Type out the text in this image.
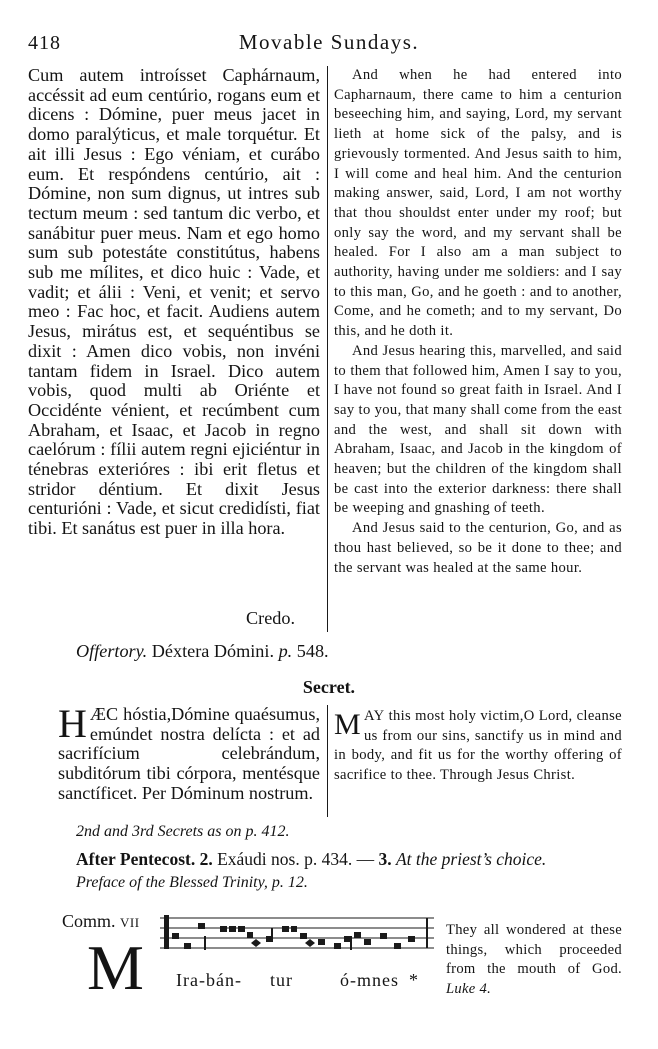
418	Movable Sundays.

Cum autem introísset Caphárnaum, accéssit ad eum centúrio, rogans eum et dicens : Dómine, puer meus jacet in domo paralýticus, et male torquétur. Et ait illi Jesus : Ego véniam, et curábo eum. Et respóndens centúrio, ait : Dómine, non sum dignus, ut intres sub tectum meum : sed tantum dic verbo, et sanábitur puer meus. Nam et ego homo sum sub potestáte constitútus, habens sub me mílites, et dico huic : Vade, et vadit; et álii : Veni, et venit; et servo meo : Fac hoc, et facit. Audiens autem Jesus, mirátus est, et sequéntibus se dixit : Amen dico vobis, non invéni tantam fidem in Israel. Dico autem vobis, quod multi ab Oriénte et Occidénte vénient, et recúmbent cum Abraham, et Isaac, et Jacob in regno caelórum : fílii autem regni ejiciéntur in ténebras exterióres : ibi erit fletus et stridor déntium. Et dixit Jesus centurióni : Vade, et sicut credidísti, fiat tibi. Et sanátus est puer in illa hora.

Credo.

And when he had entered into Capharnaum, there came to him a centurion beseeching him, and saying, Lord, my servant lieth at home sick of the palsy, and is grievously tormented. And Jesus saith to him, I will come and heal him. And the centurion making answer, said, Lord, I am not worthy that thou shouldst enter under my roof; but only say the word, and my servant shall be healed. For I also am a man subject to authority, having under me soldiers: and I say to this man, Go, and he goeth : and to another, Come, and he cometh; and to my servant, Do this, and he doth it.

And Jesus hearing this, marvelled, and said to them that followed him, Amen I say to you, I have not found so great faith in Israel. And I say to you, that many shall come from the east and the west, and shall sit down with Abraham, Isaac, and Jacob in the kingdom of heaven; but the children of the kingdom shall be cast into the exterior darkness: there shall be weeping and gnashing of teeth.

And Jesus said to the centurion, Go, and as thou hast believed, so be it done to thee; and the servant was healed at the same hour.

Offertory. Déxtera Dómini. p. 548.
Secret.
H ÆC hóstia,Dómine quaésumus, emúndet nostra delícta : et ad sacrifícium celebrándum, subditórum tibi córpora, mentésque sanctíficet. Per Dóminum nostrum.
M AY this most holy victim,O Lord, cleanse us from our sins, sanctify us in mind and in body, and fit us for the worthy offering of sacrifice to thee. Through Jesus Christ.
2nd and 3rd Secrets as on p. 412.
After Pentecost. 2. Exáudi nos. p. 434. — 3. At the priest’s choice.
Preface of the Blessed Trinity, p. 12.
Comm. VII
M Ira-bán- tur	ó-mnes *
They all wondered at these things, which proceeded from the mouth of God. Luke 4.
